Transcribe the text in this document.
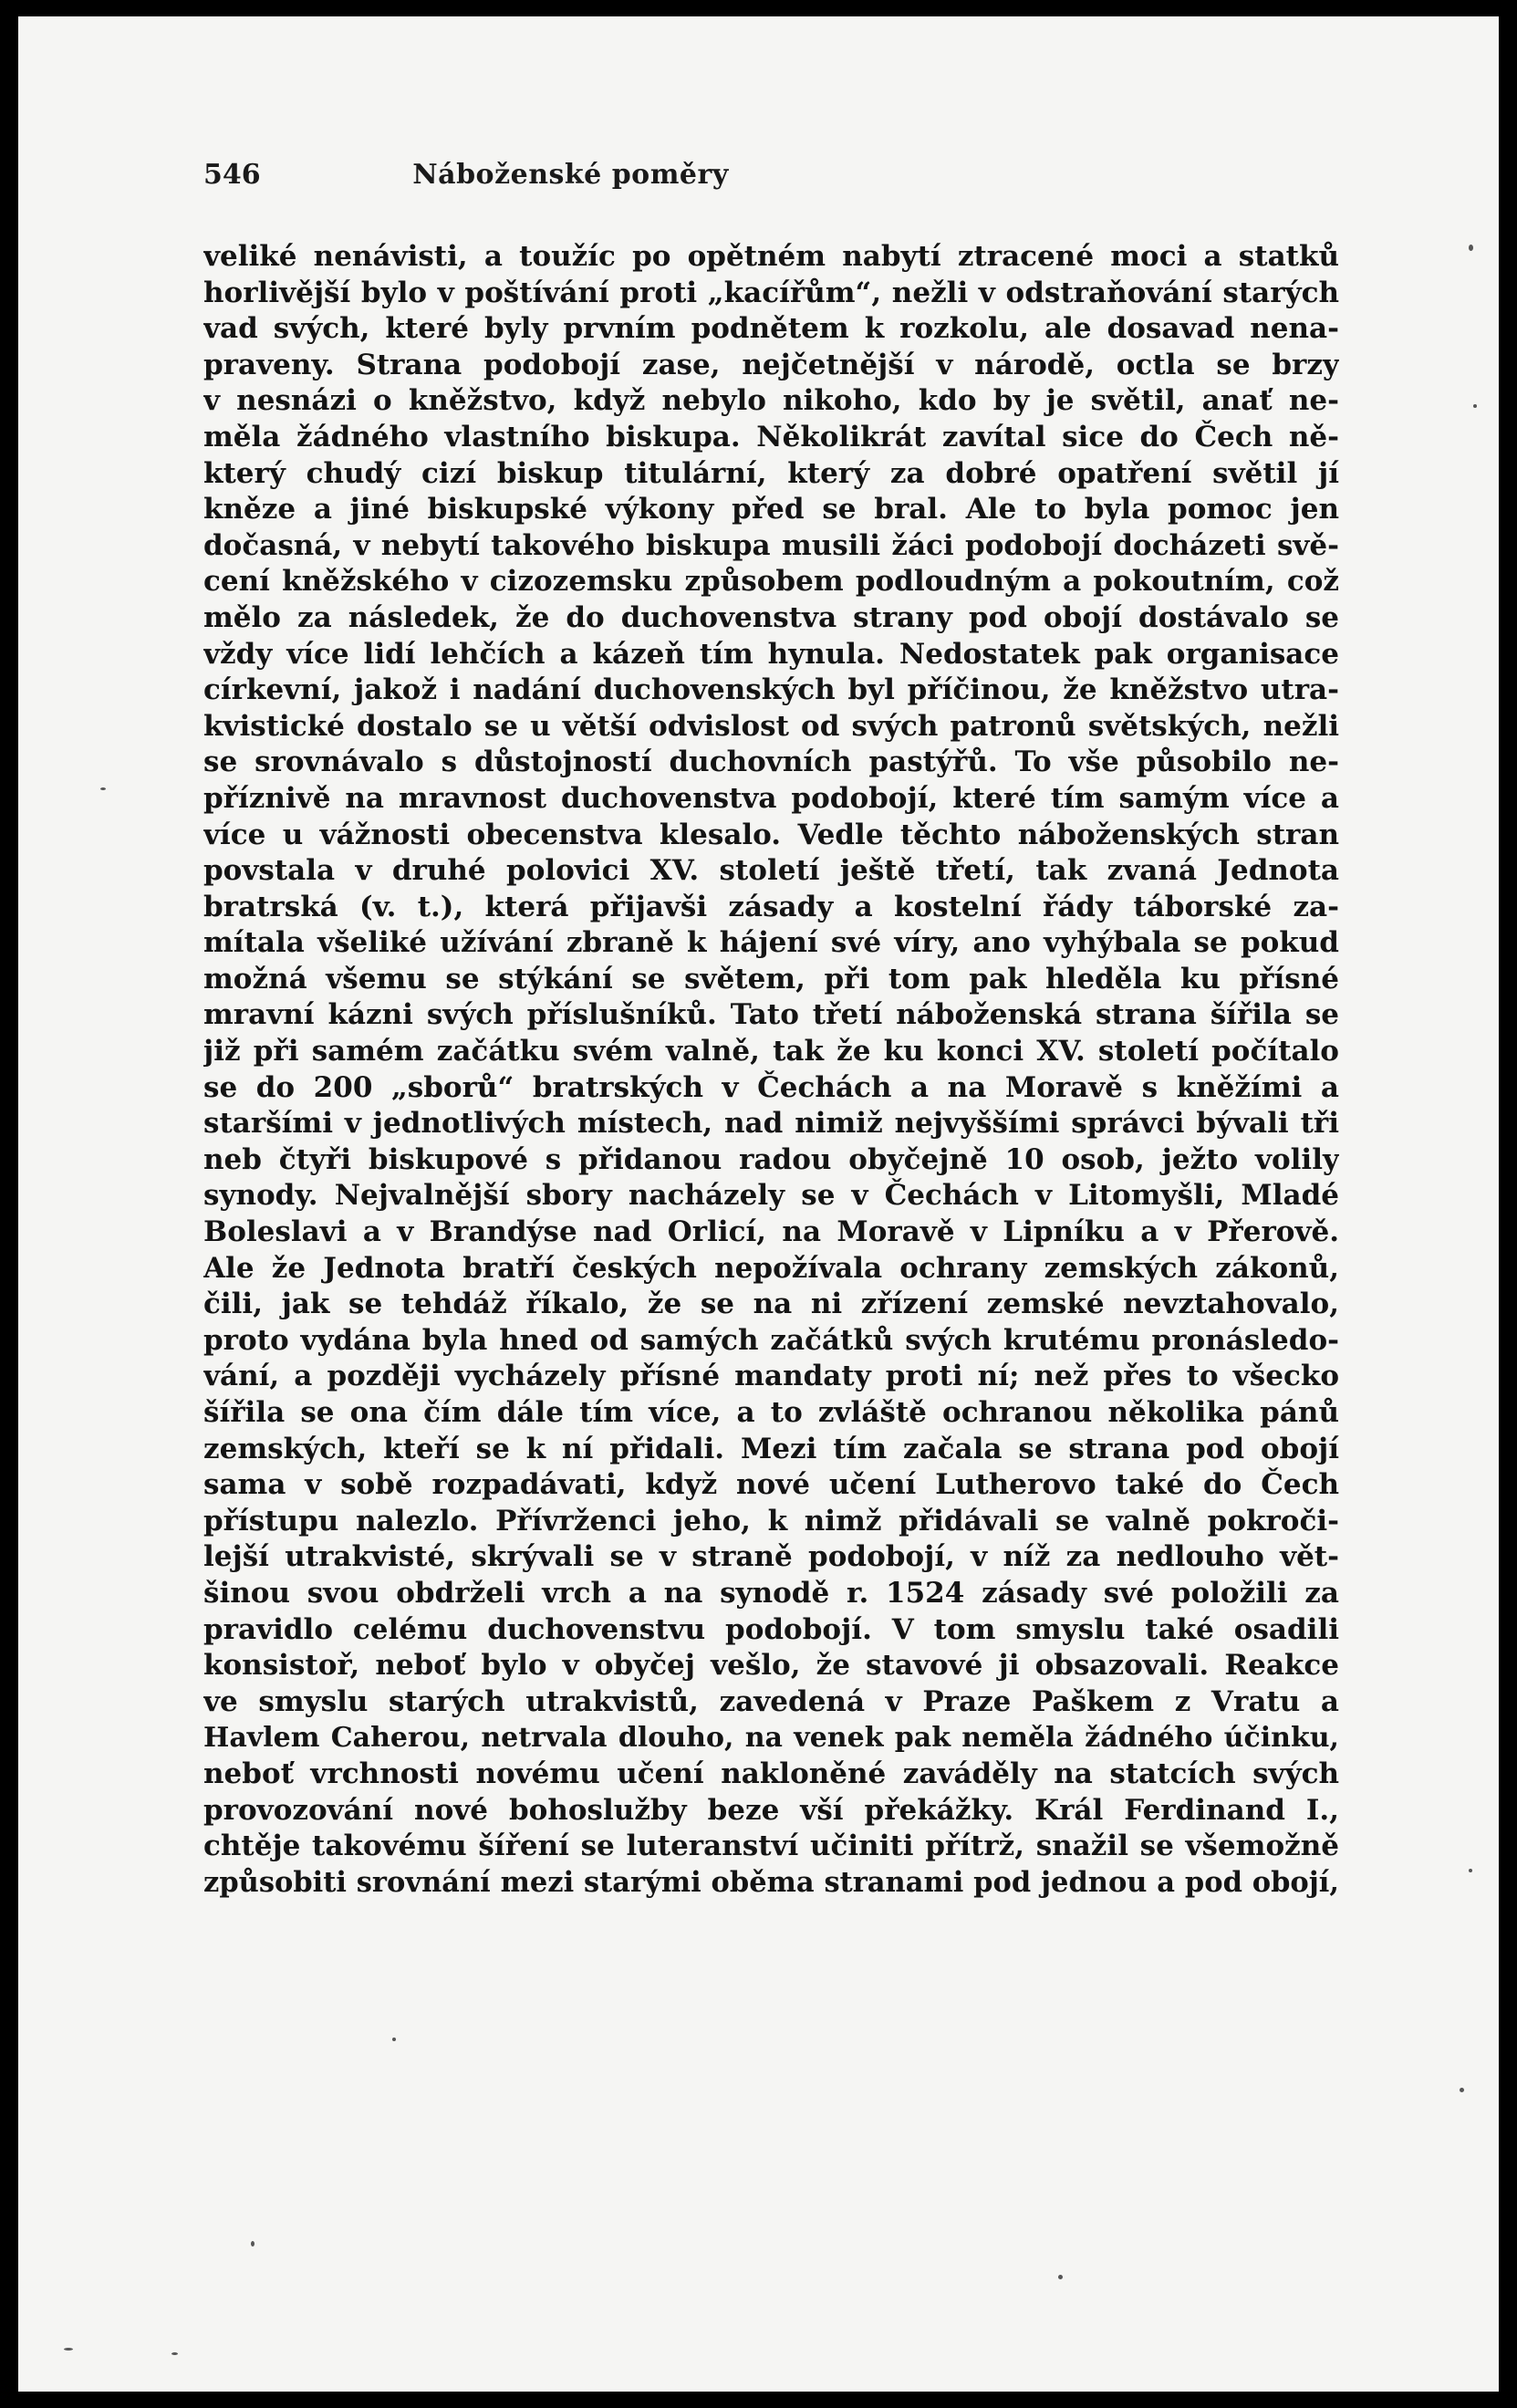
546	Náboženské poměry
veliké nenávisti, a toužíc po opětném nabytí ztracené moci a statků
horlivější bylo v poštívání proti „kacířům“, nežli v odstraňování starých
vad svých, které byly prvním podnětem k rozkolu, ale dosavad nena-
praveny. Strana podobojí zase, nejčetnější v národě, octla se brzy
v nesnázi o kněžstvo, když nebylo nikoho, kdo by je světil, anať ne-
měla žádného vlastního biskupa. Několikrát zavítal sice do Čech ně-
který chudý cizí biskup titulární, který za dobré opatření světil jí
kněze a jiné biskupské výkony před se bral. Ale to byla pomoc jen
dočasná, v nebytí takového biskupa musili žáci podobojí docházeti svě-
cení kněžského v cizozemsku způsobem podloudným a pokoutním, což
mělo za následek, že do duchovenstva strany pod obojí dostávalo se
vždy více lidí lehčích a kázeň tím hynula. Nedostatek pak organisace
církevní, jakož i nadání duchovenských byl příčinou, že kněžstvo utra-
kvistické dostalo se u větší odvislost od svých patronů světských, nežli
se srovnávalo s důstojností duchovních pastýřů. To vše působilo ne-
příznivě na mravnost duchovenstva podobojí, které tím samým více a
více u vážnosti obecenstva klesalo. Vedle těchto náboženských stran
povstala v druhé polovici XV. století ještě třetí, tak zvaná Jednota
bratrská (v. t.), která přijavši zásady a kostelní řády táborské za-
mítala všeliké užívání zbraně k hájení své víry, ano vyhýbala se pokud
možná všemu se stýkání se světem, při tom pak hleděla ku přísné
mravní kázni svých příslušníků. Tato třetí náboženská strana šířila se
již při samém začátku svém valně, tak že ku konci XV. století počítalo
se do 200 „sborů“ bratrských v Čechách a na Moravě s kněžími a
staršími v jednotlivých místech, nad nimiž nejvyššími správci bývali tři
neb čtyři biskupové s přidanou radou obyčejně 10 osob, ježto volily
synody. Nejvalnější sbory nacházely se v Čechách v Litomyšli, Mladé
Boleslavi a v Brandýse nad Orlicí, na Moravě v Lipníku a v Přerově.
Ale že Jednota bratří českých nepožívala ochrany zemských zákonů,
čili, jak se tehdáž říkalo, že se na ni zřízení zemské nevztahovalo,
proto vydána byla hned od samých začátků svých krutému pronásledo-
vání, a později vycházely přísné mandaty proti ní; než přes to všecko
šířila se ona čím dále tím více, a to zvláště ochranou několika pánů
zemských, kteří se k ní přidali. Mezi tím začala se strana pod obojí
sama v sobě rozpadávati, když nové učení Lutherovo také do Čech
přístupu nalezlo. Přívrženci jeho, k nimž přidávali se valně pokroči-
lejší utrakvisté, skrývali se v straně podobojí, v níž za nedlouho vět-
šinou svou obdrželi vrch a na synodě r. 1524 zásady své položili za
pravidlo celému duchovenstvu podobojí. V tom smyslu také osadili
konsistoř, neboť bylo v obyčej vešlo, že stavové ji obsazovali. Reakce
ve smyslu starých utrakvistů, zavedená v Praze Paškem z Vratu a
Havlem Caherou, netrvala dlouho, na venek pak neměla žádného účinku,
neboť vrchnosti novému učení nakloněné zaváděly na statcích svých
provozování nové bohoslužby beze vší překážky. Král Ferdinand I.,
chtěje takovému šíření se luteranství učiniti přítrž, snažil se všemožně
způsobiti srovnání mezi starými oběma stranami pod jednou a pod obojí,
